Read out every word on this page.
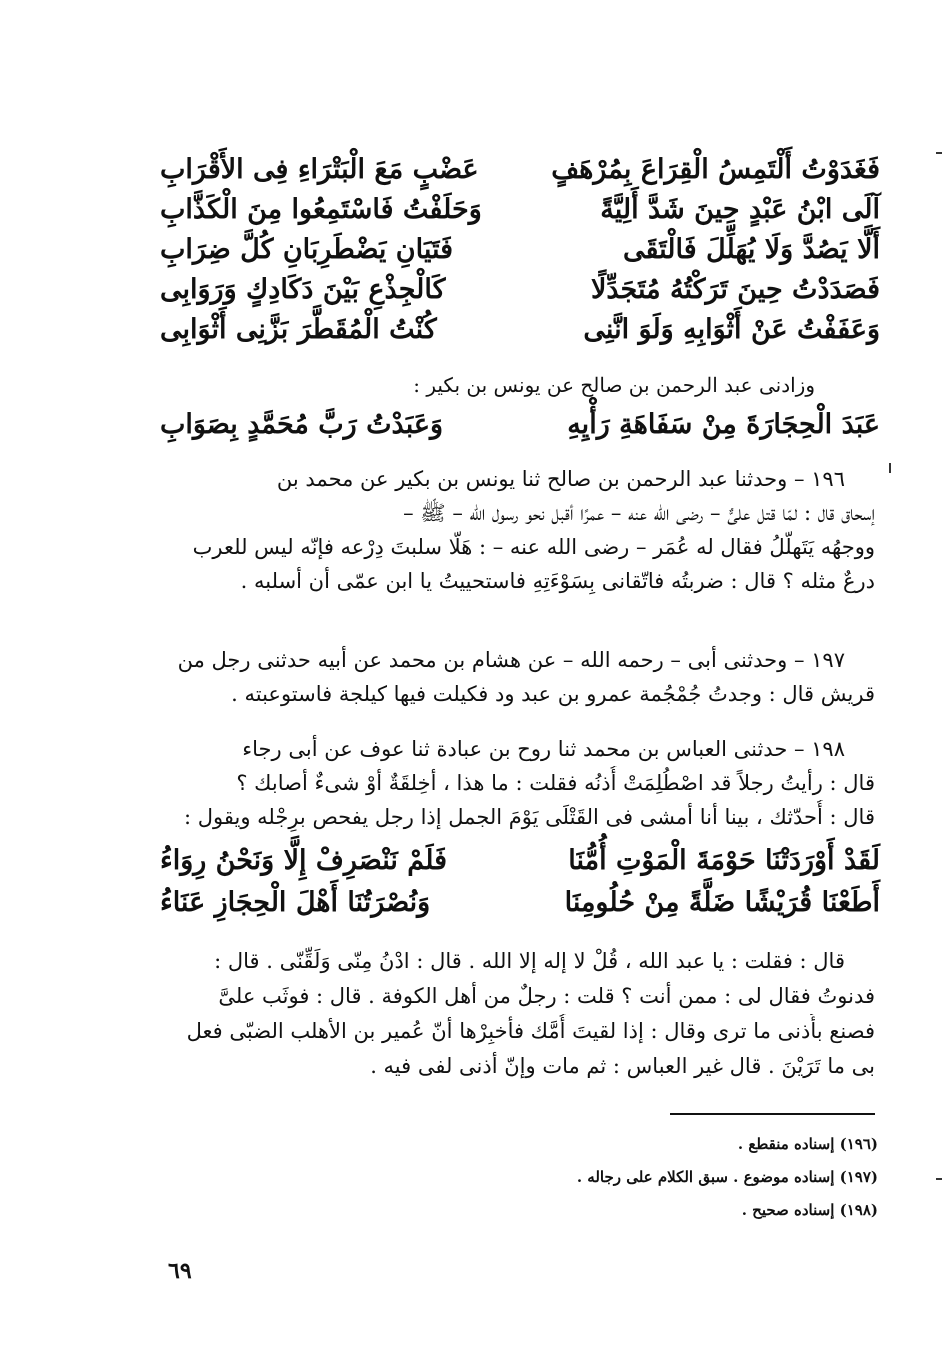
فَغَدَوْتُ أَلْتَمِسُ الْقِرَاعَ بِمُرْهَفٍ
عَضْبٍ مَعَ الْبَتْرَاءِ فِى الأَقْرَابِ
آلَى ابْنُ عَبْدٍ حِينَ شَدَّ أَلِيَّةً
وَحَلَفْتُ فَاسْتَمِعُوا مِنَ الْكَذَّابِ
أَلَّا يَصُدَّ وَلَا يُهَلِّلَ فَالْتَقَى
فَتَيَانِ يَضْطَرِبَانِ كُلَّ ضِرَابِ
فَصَدَدْتُ حِينَ تَرَكْتُهُ مُتَجَدِّلًا
كَالْجِذْعِ بَيْنَ دَكَادِكٍ وَرَوَابِى
وَعَفَفْتُ عَنْ أَثْوَابِهِ وَلَوَ انَّنِى
كُنْتُ الْمُقَطَّرَ بَزَّنِى أَثْوَابِى
وزادنى عبد الرحمن بن صالح عن يونس بن بكير :
عَبَدَ الْحِجَارَةَ مِنْ سَفَاهَةِ رَأْيِهِ
وَعَبَدْتُ رَبَّ مُحَمَّدٍ بِصَوَابِ
١٩٦ – وحدثنا عبد الرحمن بن صالح ثنا يونس بن بكير عن محمد بن
إسحاق قال : لمّا قتل علىٌّ – رضى الله عنه – عمرًا أقبل نحو رسول الله – ﷺ –
ووجهُه يَتَهلّلُ فقال له عُمَر – رضى الله عنه – : هَلّا سلبتَ دِرْعه فإنّه ليس للعرب
درعٌ مثله ؟ قال : ضربتُه فاتّقانى بِسَوْءَتِهِ فاستحييتُ يا ابن عمّى أن أسلبه .
١٩٧ – وحدثنى أبى – رحمه الله – عن هشام بن محمد عن أبيه حدثنى رجل من
قريش قال : وجدتُ جُمْجُمة عمرو بن عبد ود فكيلت فيها كيلجة فاستوعبته .
١٩٨ – حدثنى العباس بن محمد ثنا روح بن عبادة ثنا عوف عن أبى رجاء
قال : رأيتُ رجلاً قد اصْطُلِمَتْ أُذنُه فقلت : ما هذا ، أخِلقَةٌ أوْ شىءٌ أصابك ؟
قال : أُحدّثك ، بينا أنا أمشى فى القَتْلَى يَوْمَ الجمل إذا رجل يفحص برِجْله ويقول :
لَقَدْ أَوْرَدَتْنَا حَوْمَةَ الْمَوْتِ أُمُّنَا
فَلَمْ نَنْصَرِفْ إِلَّا وَنَحْنُ رِوَاءُ
أَطَعْنَا قُرَيْشًا ضَلَّةً مِنْ حُلُومِنَا
وَنُصْرَتُنَا أَهْلَ الْحِجَازِ عَنَاءُ
قال : فقلت : يا عبد الله ، قُلْ لا إله إلا الله . قال : ادْنُ مِنّى وَلَقِّنّى . قال :
فدنوتُ فقال لى : ممن أنت ؟ قلت : رجلٌ من أهل الكوفة . قال : فوثَب علىَّ
فصنع بأُذنى ما ترى وقال : إذا لقيتَ أُمَّك فأخبِرْها أنّ عُمير بن الأهلب الضبّى فعل
بى ما تَرَيْنَ . قال غير العباس : ثم مات وإنّ أذنى لفى فيه .
(١٩٦) إسناده منقطع .
(١٩٧) إسناده موضوع . سبق الكلام على رجاله .
(١٩٨) إسناده صحيح .
٦٩
